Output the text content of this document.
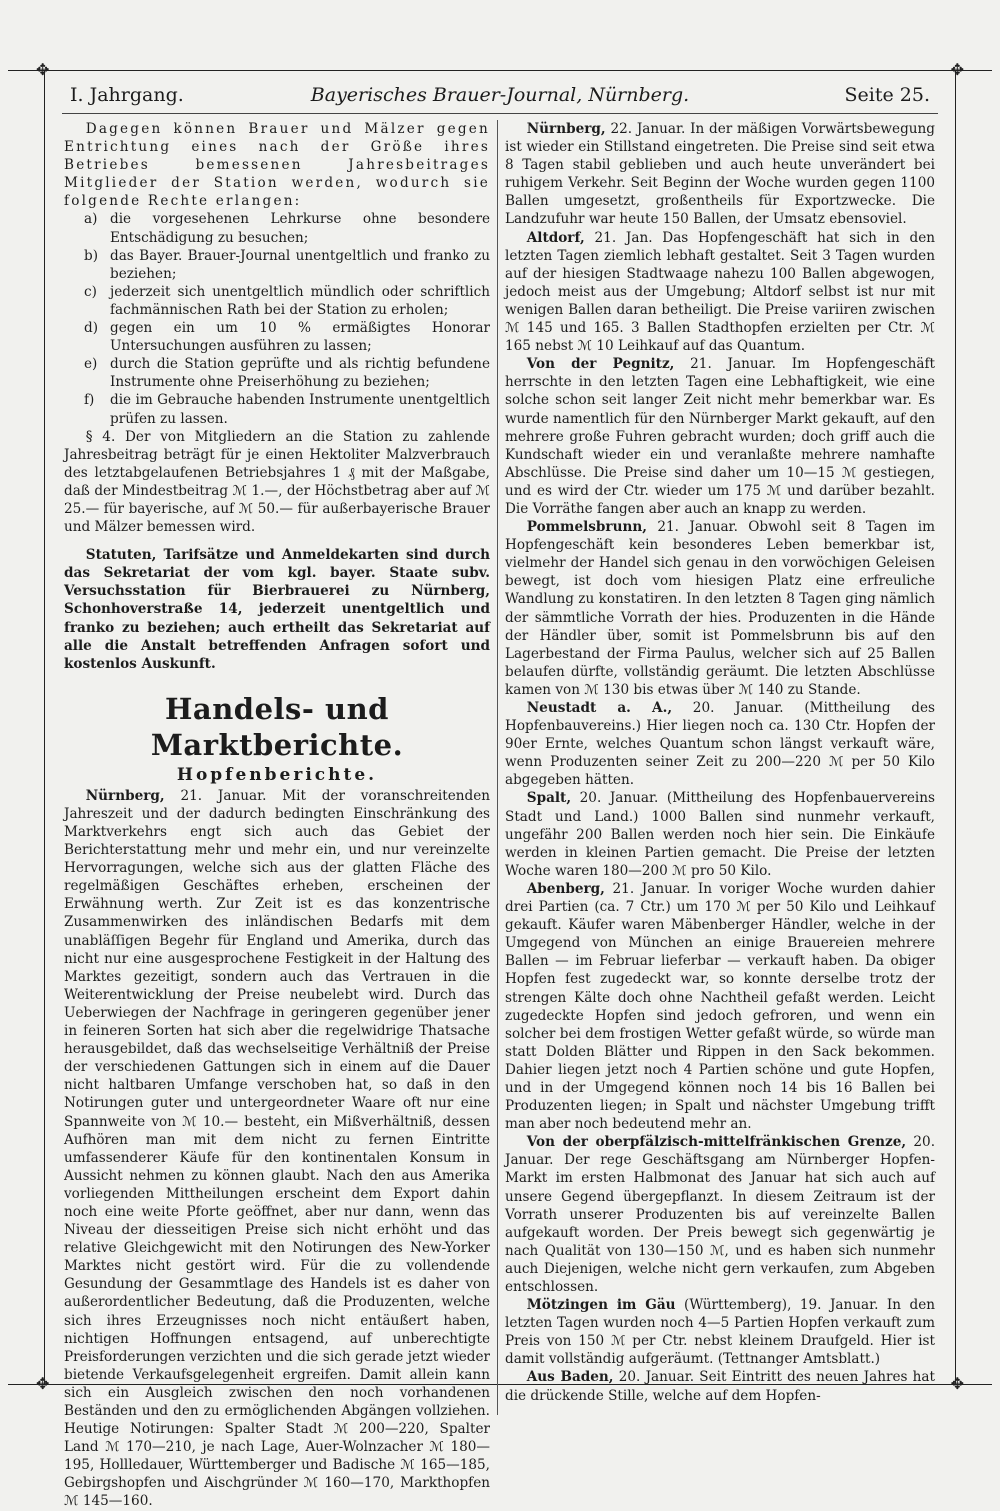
✥	✥
✥	✥
I. Jahrgang.	Bayerisches Brauer-Journal, Nürnberg.	Seite 25.

Dagegen können Brauer und Mälzer gegen Entrichtung eines nach der Größe ihres Betriebes bemessenen Jahresbeitrages Mitglieder der Station werden, wodurch sie folgende Rechte erlangen:

a) die vorgesehenen Lehrkurse ohne besondere Entschädigung zu besuchen;
b) das Bayer. Brauer-Journal unentgeltlich und franko zu beziehen;
c) jederzeit sich unentgeltlich mündlich oder schriftlich fachmännischen Rath bei der Station zu erholen;
d) gegen ein um 10 % ermäßigtes Honorar Untersuchungen ausführen zu lassen;
e) durch die Station geprüfte und als richtig befundene Instrumente ohne Preiserhöhung zu beziehen;
f) die im Gebrauche habenden Instrumente unentgeltlich prüfen zu lassen.

§ 4. Der von Mitgliedern an die Station zu zahlende Jahresbeitrag beträgt für je einen Hektoliter Malzverbrauch des letztabgelaufenen Betriebsjahres 1 ₰ mit der Maßgabe, daß der Mindestbeitrag ℳ 1.—, der Höchstbetrag aber auf ℳ 25.— für bayerische, auf ℳ 50.— für außerbayerische Brauer und Mälzer bemessen wird.

Statuten, Tarifsätze und Anmeldekarten sind durch das Sekretariat der vom kgl. bayer. Staate subv. Versuchsstation für Bierbrauerei zu Nürnberg, Schonhoverstraße 14, jederzeit unentgeltlich und franko zu beziehen; auch ertheilt das Sekretariat auf alle die Anstalt betreffenden Anfragen sofort und kostenlos Auskunft.

Handels- und Marktberichte.
Hopfenberichte.

Nürnberg, 21. Januar. Mit der voranschreitenden Jahreszeit und der dadurch bedingten Einschränkung des Marktverkehrs engt sich auch das Gebiet der Berichterstattung mehr und mehr ein, und nur vereinzelte Hervorragungen, welche sich aus der glatten Fläche des regelmäßigen Geschäftes erheben, erscheinen der Erwähnung werth. Zur Zeit ist es das konzentrische Zusammenwirken des inländischen Bedarfs mit dem unabläſſigen Begehr für England und Amerika, durch das nicht nur eine ausgesprochene Festigkeit in der Haltung des Marktes gezeitigt, sondern auch das Vertrauen in die Weiterentwicklung der Preise neubelebt wird. Durch das Ueberwiegen der Nachfrage in geringeren gegenüber jener in feineren Sorten hat sich aber die regelwidrige Thatsache herausgebildet, daß das wechselseitige Verhältniß der Preise der verschiedenen Gattungen sich in einem auf die Dauer nicht haltbaren Umfange verschoben hat, so daß in den Notirungen guter und untergeordneter Waare oft nur eine Spannweite von ℳ 10.— besteht, ein Mißverhältniß, dessen Aufhören man mit dem nicht zu fernen Eintritte umfassenderer Käufe für den kontinentalen Konsum in Aussicht nehmen zu können glaubt. Nach den aus Amerika vorliegenden Mittheilungen erscheint dem Export dahin noch eine weite Pforte geöffnet, aber nur dann, wenn das Niveau der diesseitigen Preise sich nicht erhöht und das relative Gleichgewicht mit den Notirungen des New-Yorker Marktes nicht gestört wird. Für die zu vollendende Gesundung der Gesammtlage des Handels ist es daher von außerordentlicher Bedeutung, daß die Produzenten, welche sich ihres Erzeugnisses noch nicht entäußert haben, nichtigen Hoffnungen entsagend, auf unberechtigte Preisforderungen verzichten und die sich gerade jetzt wieder bietende Verkaufsgelegenheit ergreifen. Damit allein kann sich ein Ausgleich zwischen den noch vorhandenen Beständen und den zu ermöglichenden Abgängen vollziehen. Heutige Notirungen: Spalter Stadt ℳ 200—220, Spalter Land ℳ 170—210, je nach Lage, Auer-Wolnzacher ℳ 180—195, Hollledauer, Württemberger und Badische ℳ 165—185, Gebirgshopfen und Aischgründer ℳ 160—170, Markthopfen ℳ 145—160.

Nürnberg, 22. Januar. In der mäßigen Vorwärtsbewegung ist wieder ein Stillstand eingetreten. Die Preise sind seit etwa 8 Tagen stabil geblieben und auch heute unverändert bei ruhigem Verkehr. Seit Beginn der Woche wurden gegen 1100 Ballen umgesetzt, großentheils für Exportzwecke. Die Landzufuhr war heute 150 Ballen, der Umsatz ebensoviel.

Altdorf, 21. Jan. Das Hopfengeschäft hat sich in den letzten Tagen ziemlich lebhaft gestaltet. Seit 3 Tagen wurden auf der hiesigen Stadtwaage nahezu 100 Ballen abgewogen, jedoch meist aus der Umgebung; Altdorf selbst ist nur mit wenigen Ballen daran betheiligt. Die Preise variiren zwischen ℳ 145 und 165. 3 Ballen Stadthopfen erzielten per Ctr. ℳ 165 nebst ℳ 10 Leihkauf auf das Quantum.

Von der Pegnitz, 21. Januar. Im Hopfengeschäft herrschte in den letzten Tagen eine Lebhaftigkeit, wie eine solche schon seit langer Zeit nicht mehr bemerkbar war. Es wurde namentlich für den Nürnberger Markt gekauft, auf den mehrere große Fuhren gebracht wurden; doch griff auch die Kundschaft wieder ein und veranlaßte mehrere namhafte Abschlüsse. Die Preise sind daher um 10—15 ℳ gestiegen, und es wird der Ctr. wieder um 175 ℳ und darüber bezahlt. Die Vorräthe fangen aber auch an knapp zu werden.

Pommelsbrunn, 21. Januar. Obwohl seit 8 Tagen im Hopfengeschäft kein besonderes Leben bemerkbar ist, vielmehr der Handel sich genau in den vorwöchigen Geleisen bewegt, ist doch vom hiesigen Platz eine erfreuliche Wandlung zu konstatiren. In den letzten 8 Tagen ging nämlich der sämmtliche Vorrath der hies. Produzenten in die Hände der Händler über, somit ist Pommelsbrunn bis auf den Lagerbestand der Firma Paulus, welcher sich auf 25 Ballen belaufen dürfte, vollständig geräumt. Die letzten Abschlüsse kamen von ℳ 130 bis etwas über ℳ 140 zu Stande.

Neustadt a. A., 20. Januar. (Mittheilung des Hopfenbauvereins.) Hier liegen noch ca. 130 Ctr. Hopfen der 90er Ernte, welches Quantum schon längst verkauft wäre, wenn Produzenten seiner Zeit zu 200—220 ℳ per 50 Kilo abgegeben hätten.

Spalt, 20. Januar. (Mittheilung des Hopfenbauervereins Stadt und Land.) 1000 Ballen sind nunmehr verkauft, ungefähr 200 Ballen werden noch hier sein. Die Einkäufe werden in kleinen Partien gemacht. Die Preise der letzten Woche waren 180—200 ℳ pro 50 Kilo.

Abenberg, 21. Januar. In voriger Woche wurden dahier drei Partien (ca. 7 Ctr.) um 170 ℳ per 50 Kilo und Leihkauf gekauft. Käufer waren Mäbenberger Händler, welche in der Umgegend von München an einige Brauereien mehrere Ballen — im Februar lieferbar — verkauft haben. Da obiger Hopfen fest zugedeckt war, so konnte derselbe trotz der strengen Kälte doch ohne Nachtheil gefaßt werden. Leicht zugedeckte Hopfen sind jedoch gefroren, und wenn ein solcher bei dem frostigen Wetter gefaßt würde, so würde man statt Dolden Blätter und Rippen in den Sack bekommen. Dahier liegen jetzt noch 4 Partien schöne und gute Hopfen, und in der Umgegend können noch 14 bis 16 Ballen bei Produzenten liegen; in Spalt und nächster Umgebung trifft man aber noch bedeutend mehr an.

Von der oberpfälzisch-mittelfränkischen Grenze, 20. Januar. Der rege Geschäftsgang am Nürnberger Hopfen-Markt im ersten Halbmonat des Januar hat sich auch auf unsere Gegend übergepflanzt. In diesem Zeitraum ist der Vorrath unserer Produzenten bis auf vereinzelte Ballen aufgekauft worden. Der Preis bewegt sich gegenwärtig je nach Qualität von 130—150 ℳ, und es haben sich nunmehr auch Diejenigen, welche nicht gern verkaufen, zum Abgeben entschlossen.

Mötzingen im Gäu (Württemberg), 19. Januar. In den letzten Tagen wurden noch 4—5 Partien Hopfen verkauft zum Preis von 150 ℳ per Ctr. nebst kleinem Draufgeld. Hier ist damit vollständig aufgeräumt. (Tettnanger Amtsblatt.)

Aus Baden, 20. Januar. Seit Eintritt des neuen Jahres hat die drückende Stille, welche auf dem Hopfen-
